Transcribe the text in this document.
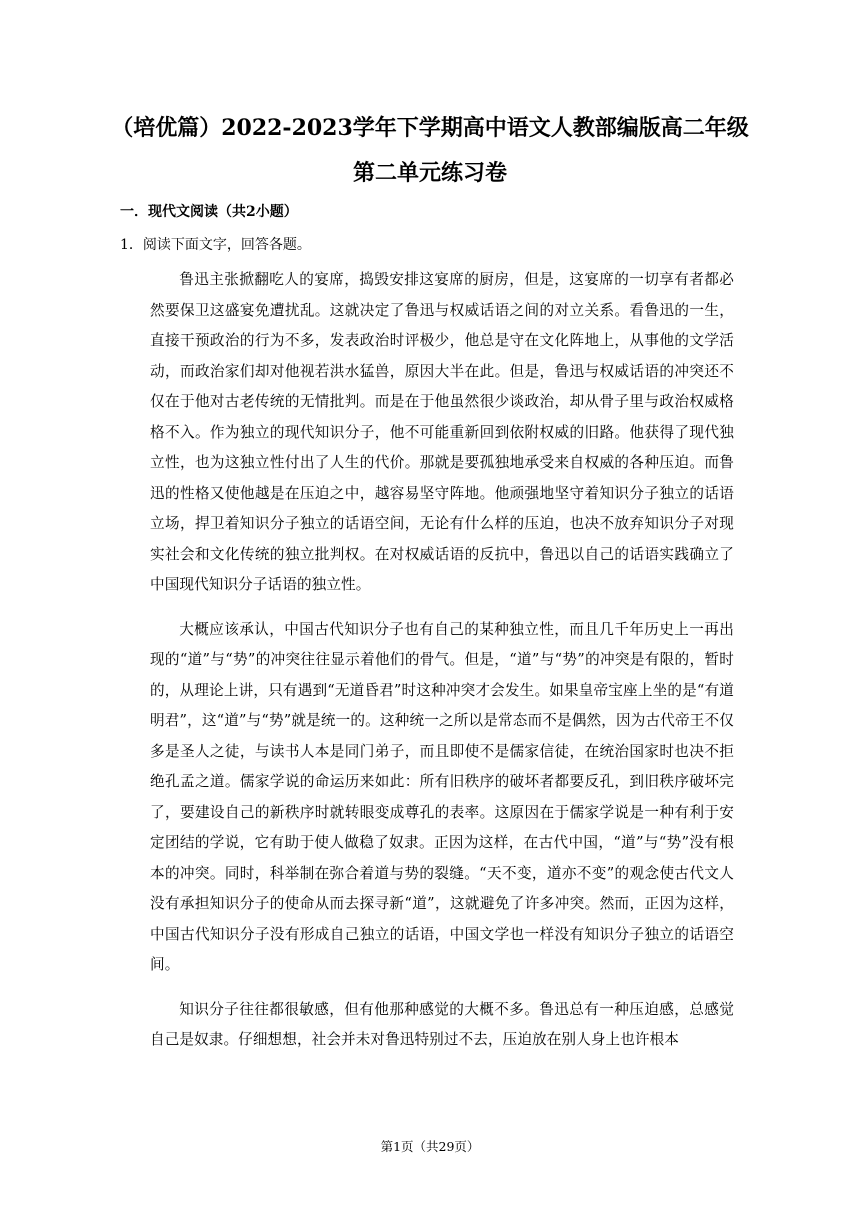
（培优篇）2022-2023学年下学期高中语文人教部编版高二年级
第二单元练习卷
一．现代文阅读（共2小题）

1．阅读下面文字，回答各题。

鲁迅主张掀翻吃人的宴席，捣毁安排这宴席的厨房，但是，这宴席的一切享有者都必然要保卫这盛宴免遭扰乱。这就决定了鲁迅与权威话语之间的对立关系。看鲁迅的一生，直接干预政治的行为不多，发表政治时评极少，他总是守在文化阵地上，从事他的文学活动，而政治家们却对他视若洪水猛兽，原因大半在此。但是，鲁迅与权威话语的冲突还不仅在于他对古老传统的无情批判。而是在于他虽然很少谈政治，却从骨子里与政治权威格格不入。作为独立的现代知识分子，他不可能重新回到依附权威的旧路。他获得了现代独立性，也为这独立性付出了人生的代价。那就是要孤独地承受来自权威的各种压迫。而鲁迅的性格又使他越是在压迫之中，越容易坚守阵地。他顽强地坚守着知识分子独立的话语立场，捍卫着知识分子独立的话语空间，无论有什么样的压迫，也决不放弃知识分子对现实社会和文化传统的独立批判权。在对权威话语的反抗中，鲁迅以自己的话语实践确立了中国现代知识分子话语的独立性。

大概应该承认，中国古代知识分子也有自己的某种独立性，而且几千年历史上一再出现的“道”与“势”的冲突往往显示着他们的骨气。但是，“道”与“势”的冲突是有限的，暂时的，从理论上讲，只有遇到“无道昏君”时这种冲突才会发生。如果皇帝宝座上坐的是“有道明君”，这“道”与“势”就是统一的。这种统一之所以是常态而不是偶然，因为古代帝王不仅多是圣人之徒，与读书人本是同门弟子，而且即使不是儒家信徒，在统治国家时也决不拒绝孔孟之道。儒家学说的命运历来如此：所有旧秩序的破坏者都要反孔，到旧秩序破坏完了，要建设自己的新秩序时就转眼变成尊孔的表率。这原因在于儒家学说是一种有利于安定团结的学说，它有助于使人做稳了奴隶。正因为这样，在古代中国，“道”与“势”没有根本的冲突。同时，科举制在弥合着道与势的裂缝。“天不变，道亦不变”的观念使古代文人没有承担知识分子的使命从而去探寻新“道”，这就避免了许多冲突。然而，正因为这样，中国古代知识分子没有形成自己独立的话语，中国文学也一样没有知识分子独立的话语空间。

知识分子往往都很敏感，但有他那种感觉的大概不多。鲁迅总有一种压迫感，总感觉自己是奴隶。仔细想想，社会并未对鲁迅特别过不去，压迫放在别人身上也许根本

第1页（共29页）
